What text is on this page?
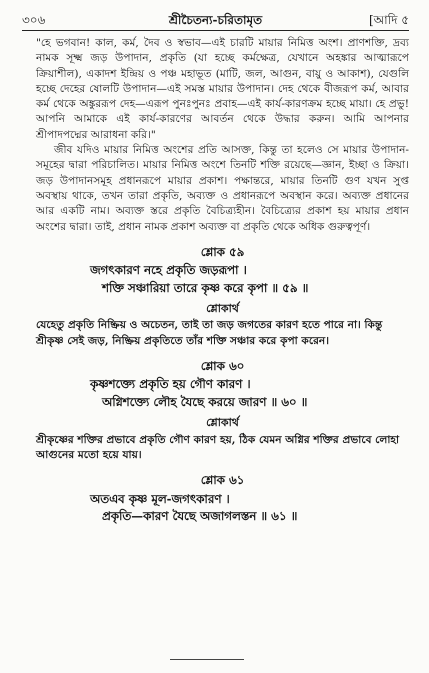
৩০৬	শ্রীচৈতন্য-চরিতামৃত	[আদি ৫

"হে ভগবান! কাল, কর্ম, দৈব ও স্বভাব—এই চারটি মায়ার নিমিত্ত অংশ। প্রাণশক্তি, দ্রব্য নামক সূক্ষ্ম জড় উপাদান, প্রকৃতি (যা হচ্ছে কর্মক্ষেত্র, যেখানে অহঙ্কার আত্মারূপে ক্রিয়াশীল), একাদশ ইন্দ্রিয় ও পঞ্চ মহাভূত (মাটি, জল, আগুন, বায়ু ও আকাশ), যেগুলি হচ্ছে দেহের ষোলটি উপাদান—এই সমস্ত মায়ার উপাদান। দেহ থেকে বীজরূপ কর্ম, আবার কর্ম থেকে অঙ্কুররূপ দেহ—এরূপ পুনঃপুনঃ প্রবাহ—এই কার্য-কারণক্রম হচ্ছে মায়া। হে প্রভু! আপনি আমাকে এই কার্য-কারণের আবর্তন থেকে উদ্ধার করুন। আমি আপনার শ্রীপাদপদ্মের আরাধনা করি।"

জীব যদিও মায়ার নিমিত্ত অংশের প্রতি আসক্ত, কিন্তু তা হলেও সে মায়ার উপাদান-সমূহের দ্বারা পরিচালিত। মায়ার নিমিত্ত অংশে তিনটি শক্তি রয়েছে—জ্ঞান, ইচ্ছা ও ক্রিয়া। জড় উপাদানসমূহ প্রধানরূপে মায়ার প্রকাশ। পক্ষান্তরে, মায়ার তিনটি গুণ যখন সুপ্ত অবস্থায় থাকে, তখন তারা প্রকৃতি, অব্যক্ত ও প্রধানরূপে অবস্থান করে। অব্যক্ত প্রধানের আর একটি নাম। অব্যক্ত স্তরে প্রকৃতি বৈচিত্র্যহীন। বৈচিত্র্যের প্রকাশ হয় মায়ার প্রধান অংশের দ্বারা। তাই, প্রধান নামক প্রকাশ অব্যক্ত বা প্রকৃতি থেকে অধিক গুরুত্বপূর্ণ।

শ্লোক ৫৯
জগৎকারণ নহে প্রকৃতি জড়রূপা ।
শক্তি সঞ্চারিয়া তারে কৃষ্ণ করে কৃপা ॥ ৫৯ ॥
শ্লোকার্থ

যেহেতু প্রকৃতি নিষ্ক্রিয় ও অচেতন, তাই তা জড় জগতের কারণ হতে পারে না। কিন্তু শ্রীকৃষ্ণ সেই জড়, নিষ্ক্রিয় প্রকৃতিতে তাঁর শক্তি সঞ্চার করে কৃপা করেন।

শ্লোক ৬০
কৃষ্ণশক্ত্যে প্রকৃতি হয় গৌণ কারণ ।
অগ্নিশক্ত্যে লৌহ যৈছে করয়ে জারণ ॥ ৬০ ॥
শ্লোকার্থ

শ্রীকৃষ্ণের শক্তির প্রভাবে প্রকৃতি গৌণ কারণ হয়, ঠিক যেমন অগ্নির শক্তির প্রভাবে লোহা আগুনের মতো হয়ে যায়।

শ্লোক ৬১
অতএব কৃষ্ণ মূল-জগৎকারণ ।
প্রকৃতি—কারণ যৈছে অজাগলস্তন ॥ ৬১ ॥
